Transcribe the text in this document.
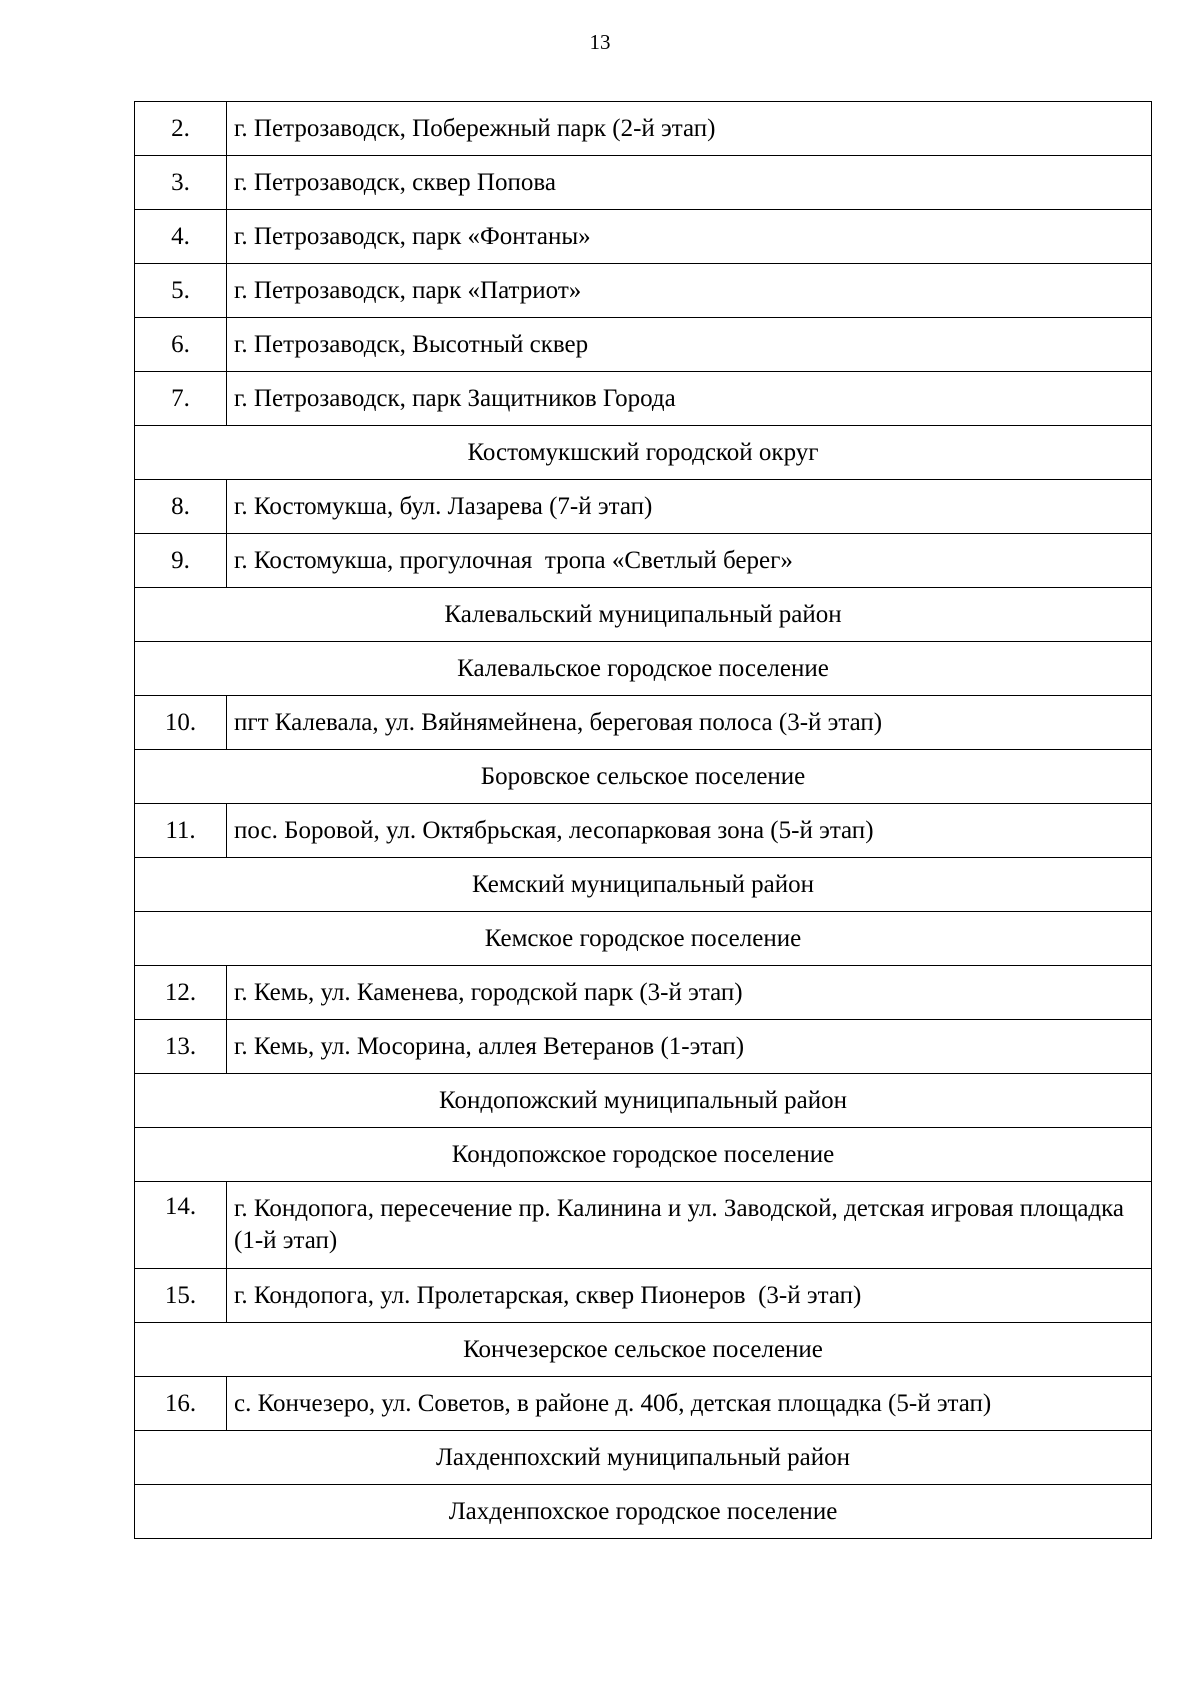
13
2.	г. Петрозаводск, Побережный парк (2-й этап)
3.	г. Петрозаводск, сквер Попова
4.	г. Петрозаводск, парк «Фонтаны»
5.	г. Петрозаводск, парк «Патриот»
6.	г. Петрозаводск, Высотный сквер
7.	г. Петрозаводск, парк Защитников Города
Костомукшский городской округ	
8.	г. Костомукша, бул. Лазарева (7-й этап)
9.	г. Костомукша, прогулочная  тропа «Светлый берег»
Калевальский муниципальный район	
Калевальское городское поселение	
10.	пгт Калевала, ул. Вяйнямейнена, береговая полоса (3-й этап)
Боровское сельское поселение	
11.	пос. Боровой, ул. Октябрьская, лесопарковая зона (5-й этап)
Кемский муниципальный район	
Кемское городское поселение	
12.	г. Кемь, ул. Каменева, городской парк (3-й этап)
13.	г. Кемь, ул. Мосорина, аллея Ветеранов (1-этап)
Кондопожский муниципальный район	
Кондопожское городское поселение	
14.	г. Кондопога, пересечение пр. Калинина и ул. Заводской, детская игровая площадка (1-й этап)
15.	г. Кондопога, ул. Пролетарская, сквер Пионеров  (3-й этап)
Кончезерское сельское поселение	
16.	с. Кончезеро, ул. Советов, в районе д. 40б, детская площадка (5-й этап)
Лахденпохский муниципальный район	
Лахденпохское городское поселение	
